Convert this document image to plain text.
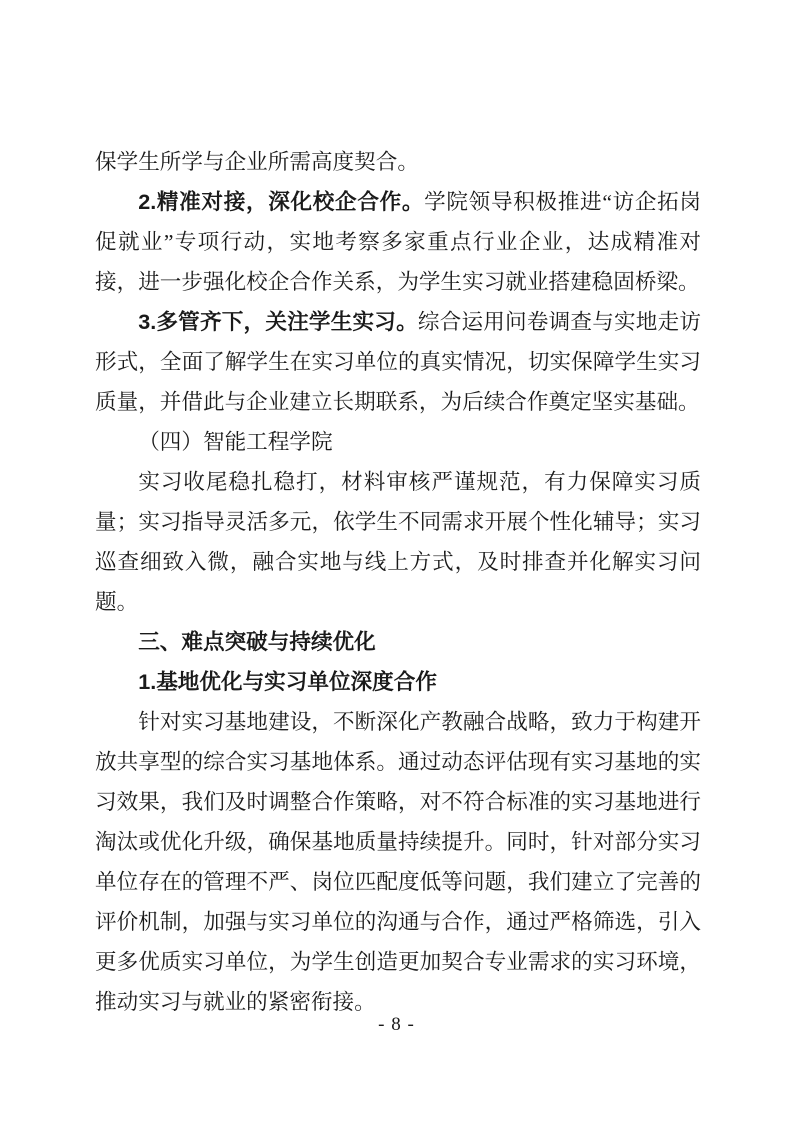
保学生所学与企业所需高度契合。

2.精准对接，深化校企合作。学院领导积极推进“访企拓岗促就业”专项行动，实地考察多家重点行业企业，达成精准对接，进一步强化校企合作关系，为学生实习就业搭建稳固桥梁。

3.多管齐下，关注学生实习。综合运用问卷调查与实地走访形式，全面了解学生在实习单位的真实情况，切实保障学生实习质量，并借此与企业建立长期联系，为后续合作奠定坚实基础。

（四）智能工程学院

实习收尾稳扎稳打，材料审核严谨规范，有力保障实习质量；实习指导灵活多元，依学生不同需求开展个性化辅导；实习巡查细致入微，融合实地与线上方式，及时排查并化解实习问题。

三、难点突破与持续优化

1.基地优化与实习单位深度合作

针对实习基地建设，不断深化产教融合战略，致力于构建开放共享型的综合实习基地体系。通过动态评估现有实习基地的实习效果，我们及时调整合作策略，对不符合标准的实习基地进行淘汰或优化升级，确保基地质量持续提升。同时，针对部分实习单位存在的管理不严、岗位匹配度低等问题，我们建立了完善的评价机制，加强与实习单位的沟通与合作，通过严格筛选，引入更多优质实习单位，为学生创造更加契合专业需求的实习环境，推动实习与就业的紧密衔接。

- 8 -
